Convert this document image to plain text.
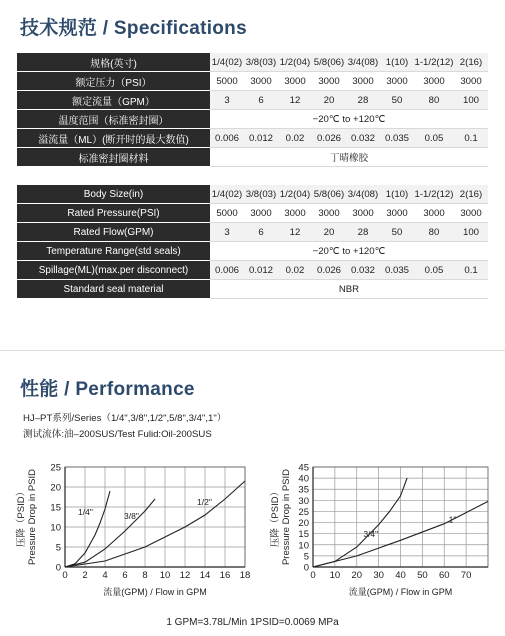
技术规范 / Specifications
规格(英寸)	1/4(02)	3/8(03)	1/2(04)	5/8(06)	3/4(08)	1(10)	1-1/2(12)	2(16)
额定压力（PSI）	5000	3000	3000	3000	3000	3000	3000	3000
额定流量（GPM）	3	6	12	20	28	50	80	100
温度范围（标准密封圈）	−20℃ to +120℃							
溢流量（ML）(断开时的最大数值)	0.006	0.012	0.02	0.026	0.032	0.035	0.05	0.1
标准密封圈材料	丁晴橡胶							
Body Size(in)	1/4(02)	3/8(03)	1/2(04)	5/8(06)	3/4(08)	1(10)	1-1/2(12)	2(16)
Rated Pressure(PSI)	5000	3000	3000	3000	3000	3000	3000	3000
Rated Flow(GPM)	3	6	12	20	28	50	80	100
Temperature Range(std seals)	−20℃ to +120℃							
Spillage(ML)(max.per disconnect)	0.006	0.012	0.02	0.026	0.032	0.035	0.05	0.1
Standard seal material	NBR							
性能 / Performance
HJ–PT系列/Series（1/4",3/8",1/2",5/8",3/4",1"）
测试流体:油–200SUS/Test Fulid:Oil-200SUS
0 2 4 6 8 10 12 14 16 18
0
5
10
15
20
25
1/4"	3/8"
1/2"
压降（PSID） Pressure Drop in PSID
流量(GPM) / Flow in GPM
0 10 20 30 40 50 60 70
0
5
10
15
20
25
30
35
40
45
3/4"
1"
压降（PSID） Pressure Drop in PSID
流量(GPM) / Flow in GPM
1 GPM=3.78L/Min 1PSID=0.0069 MPa
